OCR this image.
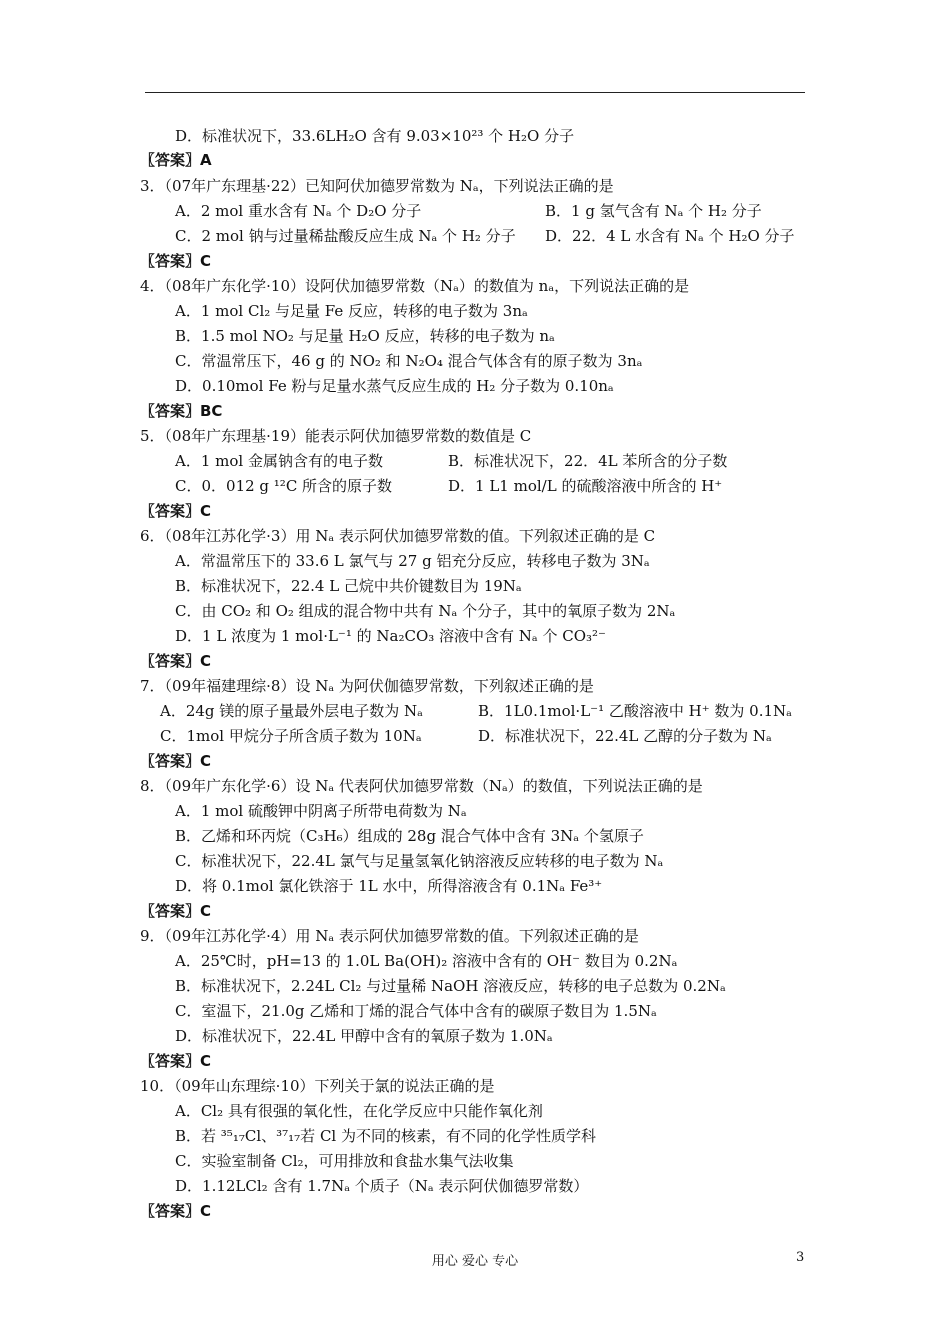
D．标准状况下，33.6LH₂O 含有 9.03×10²³ 个 H₂O 分子
〖答案〗A
3．（07年广东理基·22）已知阿伏加德罗常数为 Nₐ，下列说法正确的是
A．2 mol 重水含有 Nₐ 个 D₂O 分子	B．1 g 氢气含有 Nₐ 个 H₂ 分子
C．2 mol 钠与过量稀盐酸反应生成 Nₐ 个 H₂ 分子 D．22．4 L 水含有 Nₐ 个 H₂O 分子
〖答案〗C
4．（08年广东化学·10）设阿伏加德罗常数（Nₐ）的数值为 nₐ，下列说法正确的是
A．1 mol Cl₂ 与足量 Fe 反应，转移的电子数为 3nₐ
B．1.5 mol NO₂ 与足量 H₂O 反应，转移的电子数为 nₐ
C．常温常压下，46 g 的 NO₂ 和 N₂O₄ 混合气体含有的原子数为 3nₐ
D．0.10mol Fe 粉与足量水蒸气反应生成的 H₂ 分子数为 0.10nₐ
〖答案〗BC
5．（08年广东理基·19）能表示阿伏加德罗常数的数值是 C
A．1 mol 金属钠含有的电子数	B．标准状况下，22．4L 苯所含的分子数
C．0．012 g ¹²C 所含的原子数	D．1 L1 mol/L 的硫酸溶液中所含的 H⁺
〖答案〗C
6．（08年江苏化学·3）用 Nₐ 表示阿伏加德罗常数的值。下列叙述正确的是 C
A．常温常压下的 33.6 L 氯气与 27 g 铝充分反应，转移电子数为 3Nₐ
B．标准状况下，22.4 L 己烷中共价键数目为 19Nₐ
C．由 CO₂ 和 O₂ 组成的混合物中共有 Nₐ 个分子，其中的氧原子数为 2Nₐ
D．1 L 浓度为 1 mol·L⁻¹ 的 Na₂CO₃ 溶液中含有 Nₐ 个 CO₃²⁻
〖答案〗C
7．（09年福建理综·8）设 Nₐ 为阿伏伽德罗常数，下列叙述正确的是
A．24g 镁的原子量最外层电子数为 Nₐ	B．1L0.1mol·L⁻¹ 乙酸溶液中 H⁺ 数为 0.1Nₐ
C．1mol 甲烷分子所含质子数为 10Nₐ	D．标准状况下，22.4L 乙醇的分子数为 Nₐ
〖答案〗C
8．（09年广东化学·6）设 Nₐ 代表阿伏加德罗常数（Nₐ）的数值，下列说法正确的是
A．1 mol 硫酸钾中阴离子所带电荷数为 Nₐ
B．乙烯和环丙烷（C₃H₆）组成的 28g 混合气体中含有 3Nₐ 个氢原子
C．标准状况下，22.4L 氯气与足量氢氧化钠溶液反应转移的电子数为 Nₐ
D．将 0.1mol 氯化铁溶于 1L 水中，所得溶液含有 0.1Nₐ Fe³⁺
〖答案〗C
9．（09年江苏化学·4）用 Nₐ 表示阿伏加德罗常数的值。下列叙述正确的是
A．25℃时，pH=13 的 1.0L Ba(OH)₂ 溶液中含有的 OH⁻ 数目为 0.2Nₐ
B．标准状况下，2.24L Cl₂ 与过量稀 NaOH 溶液反应，转移的电子总数为 0.2Nₐ
C．室温下，21.0g 乙烯和丁烯的混合气体中含有的碳原子数目为 1.5Nₐ
D．标准状况下，22.4L 甲醇中含有的氧原子数为 1.0Nₐ
〖答案〗C
10．（09年山东理综·10）下列关于氯的说法正确的是
A．Cl₂ 具有很强的氧化性，在化学反应中只能作氧化剂
B．若 ³⁵₁₇Cl、³⁷₁₇若 Cl 为不同的核素，有不同的化学性质学科
C．实验室制备 Cl₂，可用排放和食盐水集气法收集
D．1.12LCl₂ 含有 1.7Nₐ 个质子（Nₐ 表示阿伏伽德罗常数）
〖答案〗C
用心 爱心 专心	3
